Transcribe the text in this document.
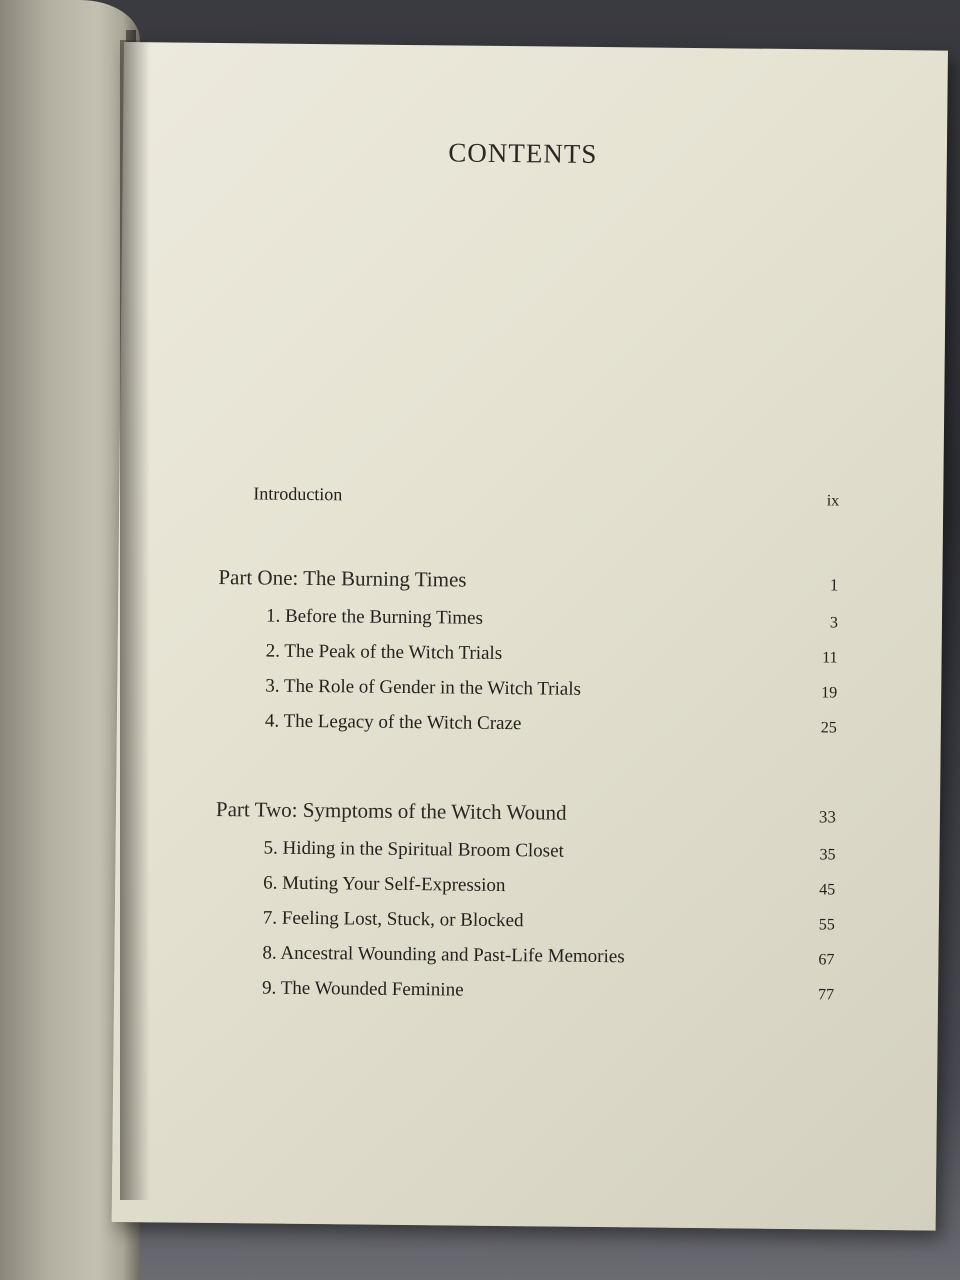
​
CONTENTS
Introduction	ix
Part One: The Burning Times	1
1. Before the Burning Times	3
2. The Peak of the Witch Trials	11
3. The Role of Gender in the Witch Trials	19
4. The Legacy of the Witch Craze	25
Part Two: Symptoms of the Witch Wound	33
5. Hiding in the Spiritual Broom Closet	35
6. Muting Your Self-Expression	45
7. Feeling Lost, Stuck, or Blocked	55
8. Ancestral Wounding and Past-Life Memories	67
9. The Wounded Feminine	77
